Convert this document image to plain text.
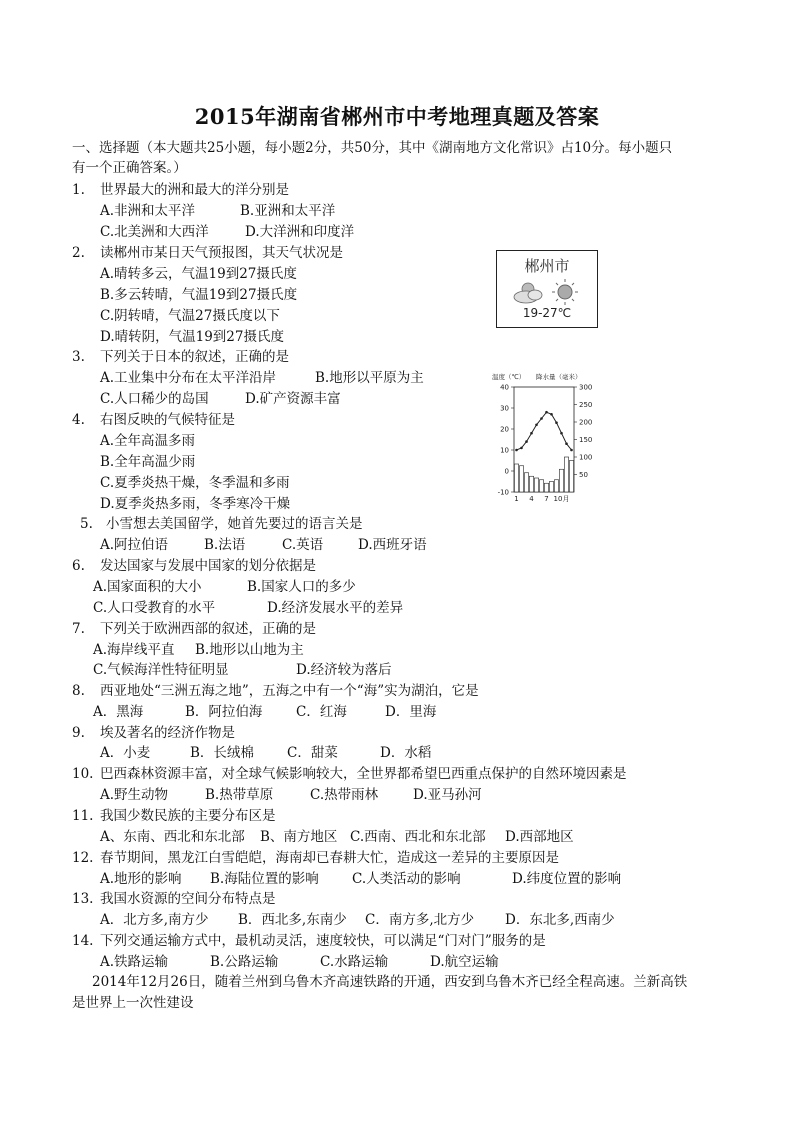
2015年湖南省郴州市中考地理真题及答案
一、选择题（本大题共25小题，每小题2分，共50分，其中《湖南地方文化常识》占10分。每小题只
有一个正确答案。）
1. 世界最大的洲和最大的洋分别是
A.非洲和太平洋	B.亚洲和太平洋
C.北美洲和大西洋	D.大洋洲和印度洋
2. 读郴州市某日天气预报图，其天气状况是
A.晴转多云，气温19到27摄氏度
B.多云转晴，气温19到27摄氏度
C.阴转晴，气温27摄氏度以下
D.晴转阴，气温19到27摄氏度
郴州市
19-27℃
3. 下列关于日本的叙述，正确的是
A.工业集中分布在太平洋沿岸	B.地形以平原为主
C.人口稀少的岛国	D.矿产资源丰富
温度（℃） 降水量（毫米）
40
30
20
10
0
-10
300
250
200
150
100
50
1 4 7 10月
4. 右图反映的气候特征是
A.全年高温多雨
B.全年高温少雨
C.夏季炎热干燥，冬季温和多雨
D.夏季炎热多雨，冬季寒冷干燥
5. 小雪想去美国留学，她首先要过的语言关是
A.阿拉伯语	B.法语	C.英语	D.西班牙语
6. 发达国家与发展中国家的划分依据是
A.国家面积的大小	B.国家人口的多少
C.人口受教育的水平	D.经济发展水平的差异
7. 下列关于欧洲西部的叙述，正确的是
A.海岸线平直 B.地形以山地为主
C.气候海洋性特征明显	D.经济较为落后
8. 西亚地处“三洲五海之地”，五海之中有一个“海”实为湖泊，它是
A．黑海	B．阿拉伯海 C．红海	D．里海
9. 埃及著名的经济作物是
A．小麦	B．长绒棉 C．甜菜	D．水稻
10. 巴西森林资源丰富，对全球气候影响较大，全世界都希望巴西重点保护的自然环境因素是
A.野生动物	B.热带草原	C.热带雨林	D.亚马孙河
11. 我国少数民族的主要分布区是
A、东南、西北和东北部 B、南方地区 C.西南、西北和东北部 D.西部地区
12. 春节期间，黑龙江白雪皑皑，海南却已春耕大忙，造成这一差异的主要原因是
A.地形的影响 B.海陆位置的影响 C.人类活动的影响	D.纬度位置的影响
13. 我国水资源的空间分布特点是
A．北方多,南方少 B．西北多,东南少 C．南方多,北方少 D．东北多,西南少
14. 下列交通运输方式中，最机动灵活，速度较快，可以满足“门对门”服务的是
A.铁路运输	B.公路运输	C.水路运输	D.航空运输
2014年12月26日，随着兰州到乌鲁木齐高速铁路的开通，西安到乌鲁木齐已经全程高速。兰新高铁
是世界上一次性建设
